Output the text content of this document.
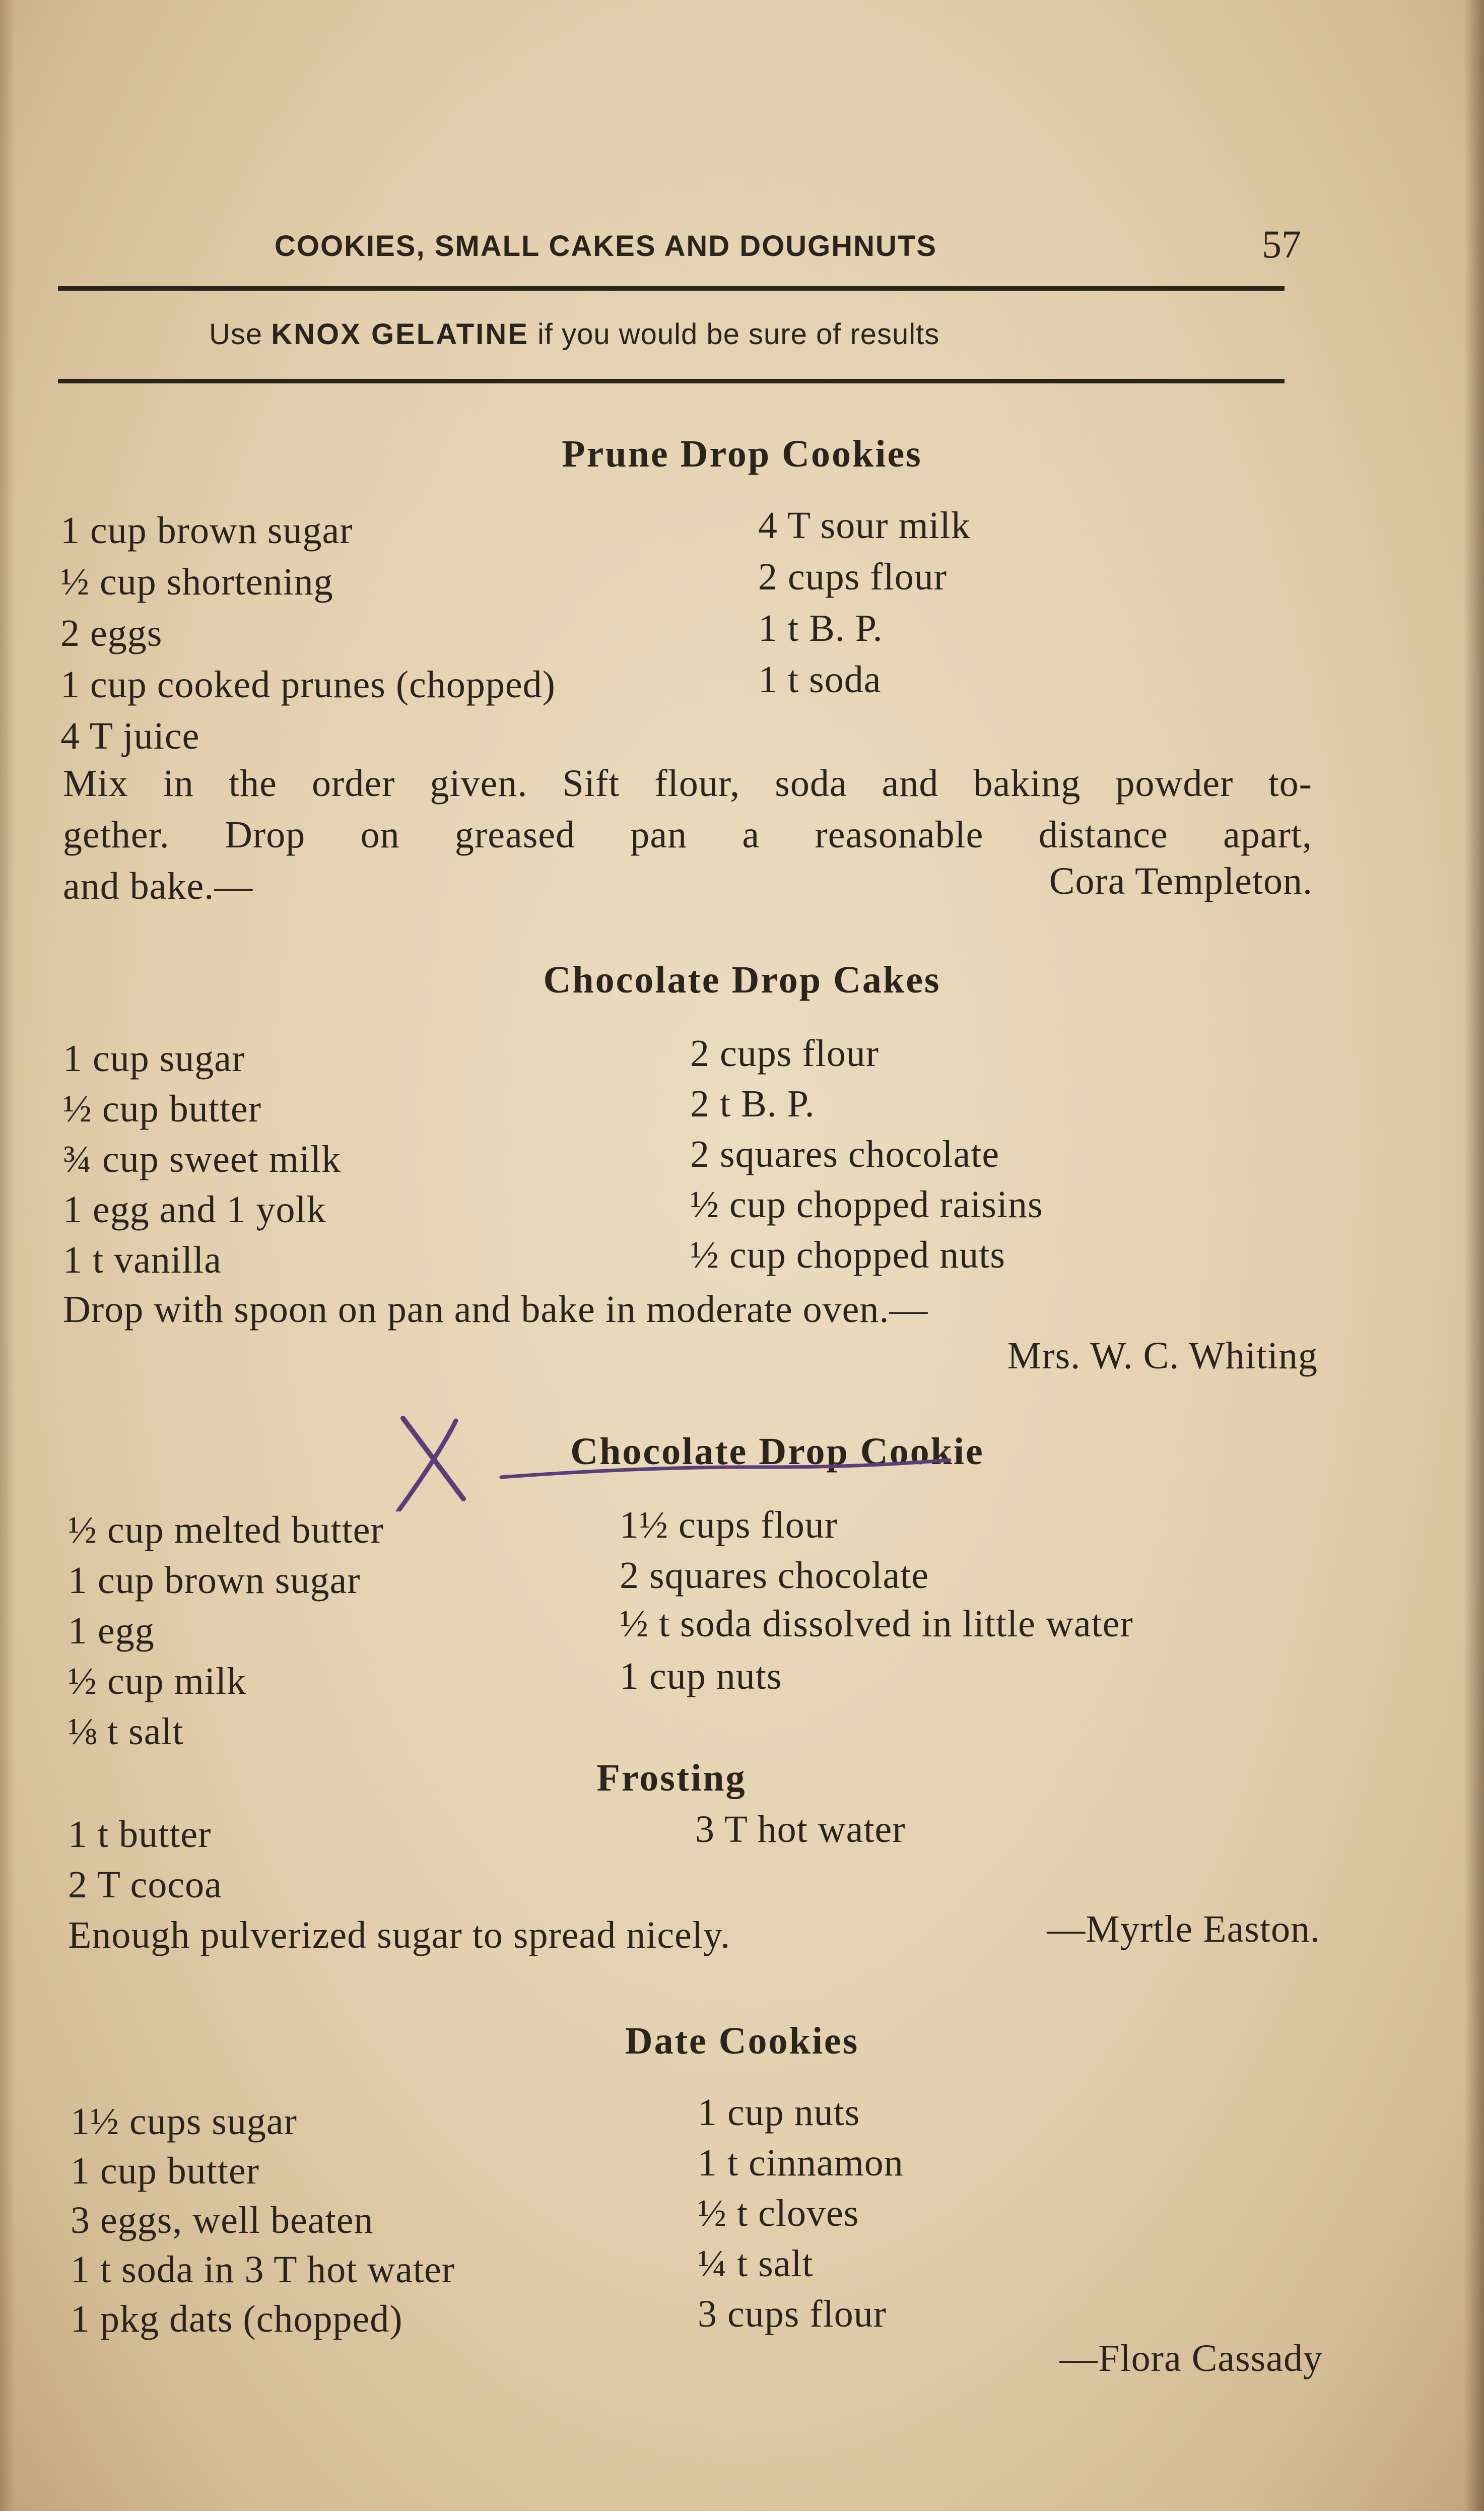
COOKIES, SMALL CAKES AND DOUGHNUTS	57
Use KNOX GELATINE if you would be sure of results
Prune Drop Cookies
1 cup brown sugar
½ cup shortening
2 eggs
1 cup cooked prunes (chopped)
4 T juice
4 T sour milk
2 cups flour
1 t B. P.
1 t soda
Mix in the order given. Sift flour, soda and baking powder to-
gether. Drop on greased pan a reasonable distance apart,
and bake.—	Cora Templeton.
Chocolate Drop Cakes
1 cup sugar
½ cup butter
¾ cup sweet milk
1 egg and 1 yolk
1 t vanilla
2 cups flour
2 t B. P.
2 squares chocolate
½ cup chopped raisins
½ cup chopped nuts
Drop with spoon on pan and bake in moderate oven.—
Mrs. W. C. Whiting
Chocolate Drop Cookie
½ cup melted butter
1 cup brown sugar
1 egg
½ cup milk
⅛ t salt
1½ cups flour
2 squares chocolate
½ t soda dissolved in little water
1 cup nuts
Frosting
1 t butter
2 T cocoa
3 T hot water
Enough pulverized sugar to spread nicely.	—Myrtle Easton.
Date Cookies
1½ cups sugar
1 cup butter
3 eggs, well beaten
1 t soda in 3 T hot water
1 pkg dats (chopped)
1 cup nuts
1 t cinnamon
½ t cloves
¼ t salt
3 cups flour
—Flora Cassady
